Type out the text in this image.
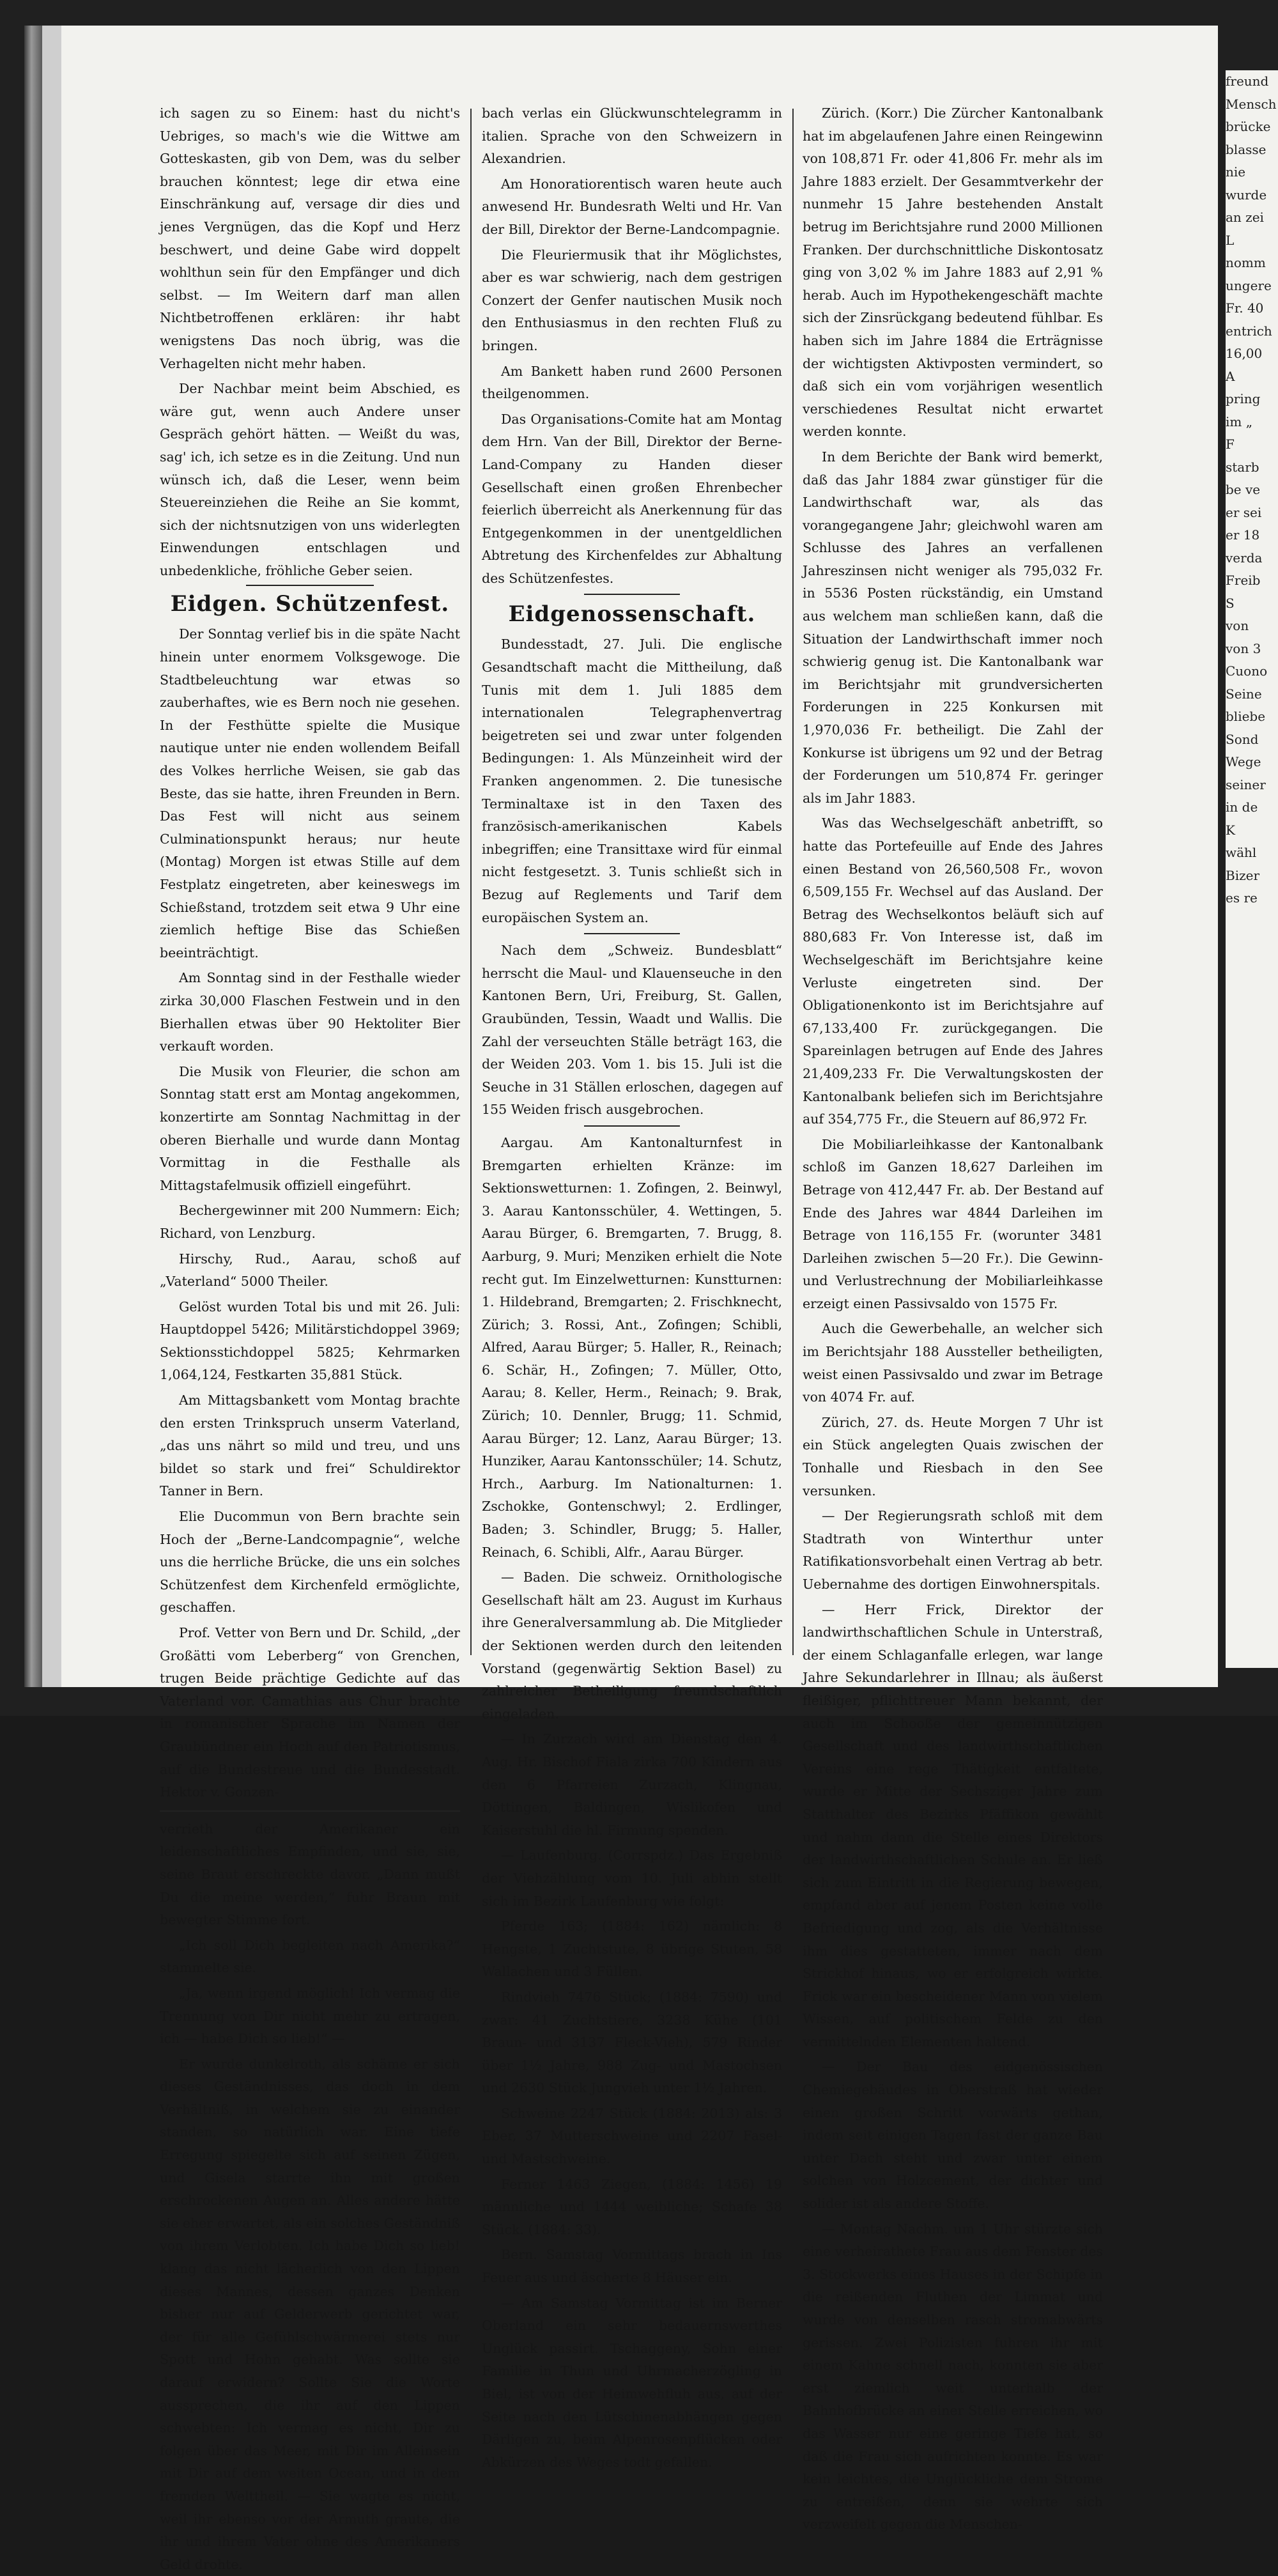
ich sagen zu so Einem: hast du nicht's Uebriges, so mach's wie die Wittwe am Gotteskasten, gib von Dem, was du selber brauchen könntest; lege dir etwa eine Einschränkung auf, versage dir dies und jenes Vergnügen, das die Kopf und Herz beschwert, und deine Gabe wird doppelt wohlthun sein für den Empfänger und dich selbst. — Im Weitern darf man allen Nichtbetroffenen erklären: ihr habt wenigstens Das noch übrig, was die Verhagelten nicht mehr haben.

Der Nachbar meint beim Abschied, es wäre gut, wenn auch Andere unser Gespräch gehört hätten. — Weißt du was, sag' ich, ich setze es in die Zeitung. Und nun wünsch ich, daß die Leser, wenn beim Steuereinziehen die Reihe an Sie kommt, sich der nichtsnutzigen von uns widerlegten Einwendungen entschlagen und unbedenkliche, fröhliche Geber seien.

Eidgen. Schützenfest.

Der Sonntag verlief bis in die späte Nacht hinein unter enormem Volksgewoge. Die Stadtbeleuchtung war etwas so zauberhaftes, wie es Bern noch nie gesehen. In der Festhütte spielte die Musique nautique unter nie enden wollendem Beifall des Volkes herrliche Weisen, sie gab das Beste, das sie hatte, ihren Freunden in Bern. Das Fest will nicht aus seinem Culminationspunkt heraus; nur heute (Montag) Morgen ist etwas Stille auf dem Festplatz eingetreten, aber keineswegs im Schießstand, trotzdem seit etwa 9 Uhr eine ziemlich heftige Bise das Schießen beeinträchtigt.

Am Sonntag sind in der Festhalle wieder zirka 30,000 Flaschen Festwein und in den Bierhallen etwas über 90 Hektoliter Bier verkauft worden.

Die Musik von Fleurier, die schon am Sonntag statt erst am Montag angekommen, konzertirte am Sonntag Nachmittag in der oberen Bierhalle und wurde dann Montag Vormittag in die Festhalle als Mittagstafelmusik offiziell eingeführt.

Bechergewinner mit 200 Nummern: Eich; Richard, von Lenzburg.

Hirschy, Rud., Aarau, schoß auf „Vaterland“ 5000 Theiler.

Gelöst wurden Total bis und mit 26. Juli: Hauptdoppel 5426; Militärstichdoppel 3969; Sektionsstichdoppel 5825; Kehrmarken 1,064,124, Festkarten 35,881 Stück.

Am Mittagsbankett vom Montag brachte den ersten Trinkspruch unserm Vaterland, „das uns nährt so mild und treu, und uns bildet so stark und frei“ Schuldirektor Tanner in Bern.

Elie Ducommun von Bern brachte sein Hoch der „Berne-Landcompagnie“, welche uns die herrliche Brücke, die uns ein solches Schützenfest dem Kirchenfeld ermöglichte, geschaffen.

Prof. Vetter von Bern und Dr. Schild, „der Großätti vom Leberberg“ von Grenchen, trugen Beide prächtige Gedichte auf das Vaterland vor. Camathias aus Chur brachte in romanischer Sprache im Namen der Graubündner ein Hoch auf den Patriotismus, auf die Bundestreue und die Bundesstadt. Hektor v. Gonzen-

verrieth der Amerikaner ein leidenschaftliches Empfinden, und sie, sie, seine Braut erschreckte davor. „Dann mußt Du die meine werden,“ fuhr Braun mit bewegter Stimme fort.

„Ich soll Dich begleiten nach Amerika?“ stammelte sie.

„Ja, wenn irgend möglich! Ich vermag die Trennung von Dir nicht mehr zu ertragen, ich — habe Dich so lieb!“ —

Er wurde dunkelroth, als schäme er sich dieses Geständnisses, das doch in dem Verhältniß, in welchem sie zu einander standen, so natürlich war. Eine tiefe Erregung spiegelte sich auf seinen Zügen, und Gisela starrte ihn mit großen erschrockenen Augen an. Alles andere hätte sie eher erwartet, als ein solches Geständniß von ihrem Verlobten. Ich habe Dich so lieb! klang das nicht lächerlich von den Lippen dieses Mannes, dessen ganzes Denken bisher nur auf Gelderwerb gerichtet war, der für alle Gefühlschwärmerei stets nur Spott und Hohn gehabt. Was sollte sie darauf erwidern? Sollte Sie die Worte aussprechen, die ihr auf den Lippen schwebten: Ich vermag es nicht, Dir zu folgen über das Meer, mit Dir im Alleinsein mit Dir auf dem weiten Ocean, und in dem fremden Welttheil. — Sie wagte es nicht, weil ihr ebenso vor der Armuth graute, die ihr und ihrem Vater ohne des Amerikaners Geld drohte.

bach verlas ein Glückwunschtelegramm in italien. Sprache von den Schweizern in Alexandrien.

Am Honoratiorentisch waren heute auch anwesend Hr. Bundesrath Welti und Hr. Van der Bill, Direktor der Berne-Landcompagnie.

Die Fleuriermusik that ihr Möglichstes, aber es war schwierig, nach dem gestrigen Conzert der Genfer nautischen Musik noch den Enthusiasmus in den rechten Fluß zu bringen.

Am Bankett haben rund 2600 Personen theilgenommen.

Das Organisations-Comite hat am Montag dem Hrn. Van der Bill, Direktor der Berne-Land-Company zu Handen dieser Gesellschaft einen großen Ehrenbecher feierlich überreicht als Anerkennung für das Entgegenkommen in der unentgeldlichen Abtretung des Kirchenfeldes zur Abhaltung des Schützenfestes.

Eidgenossenschaft.

Bundesstadt, 27. Juli. Die englische Gesandtschaft macht die Mittheilung, daß Tunis mit dem 1. Juli 1885 dem internationalen Telegraphenvertrag beigetreten sei und zwar unter folgenden Bedingungen: 1. Als Münzeinheit wird der Franken angenommen. 2. Die tunesische Terminaltaxe ist in den Taxen des französisch-amerikanischen Kabels inbegriffen; eine Transittaxe wird für einmal nicht festgesetzt. 3. Tunis schließt sich in Bezug auf Reglements und Tarif dem europäischen System an.

Nach dem „Schweiz. Bundesblatt“ herrscht die Maul- und Klauenseuche in den Kantonen Bern, Uri, Freiburg, St. Gallen, Graubünden, Tessin, Waadt und Wallis. Die Zahl der verseuchten Ställe beträgt 163, die der Weiden 203. Vom 1. bis 15. Juli ist die Seuche in 31 Ställen erloschen, dagegen auf 155 Weiden frisch ausgebrochen.

Aargau. Am Kantonalturnfest in Bremgarten erhielten Kränze: im Sektionswetturnen: 1. Zofingen, 2. Beinwyl, 3. Aarau Kantonsschüler, 4. Wettingen, 5. Aarau Bürger, 6. Bremgarten, 7. Brugg, 8. Aarburg, 9. Muri; Menziken erhielt die Note recht gut. Im Einzelwetturnen: Kunstturnen: 1. Hildebrand, Bremgarten; 2. Frischknecht, Zürich; 3. Rossi, Ant., Zofingen; Schibli, Alfred, Aarau Bürger; 5. Haller, R., Reinach; 6. Schär, H., Zofingen; 7. Müller, Otto, Aarau; 8. Keller, Herm., Reinach; 9. Brak, Zürich; 10. Dennler, Brugg; 11. Schmid, Aarau Bürger; 12. Lanz, Aarau Bürger; 13. Hunziker, Aarau Kantonsschüler; 14. Schutz, Hrch., Aarburg. Im Nationalturnen: 1. Zschokke, Gontenschwyl; 2. Erdlinger, Baden; 3. Schindler, Brugg; 5. Haller, Reinach, 6. Schibli, Alfr., Aarau Bürger.

— Baden. Die schweiz. Ornithologische Gesellschaft hält am 23. August im Kurhaus ihre Generalversammlung ab. Die Mitglieder der Sektionen werden durch den leitenden Vorstand (gegenwärtig Sektion Basel) zu zahlreicher Betheiligung freundschaftlich eingeladen.

— In Zurzach wird am Dienstag den 4. Aug. Hr. Bischof Fiala zirka 700 Kindern aus den 6 Pfarreien Zurzach, Klingnau, Döttingen, Baldingen, Wislikofen und Kaiserstuhl die hl. Firmung spenden.

— Laufenburg. (Corrspdz.) Das Ergebniß der Viehzählung vom 10. Juli abhin stellt sich im Bezirk Laufenburg wie folgt:

Pferde 163; (1884: 162) nämlich: 8 Hengste, 1 Zuchtstute, 8 übrige Stuten, 58 Wallachen und 3 Füllen.

Rindvieh 7476 Stück; (1884: 7590) und zwar: 41 Zuchtstiere, 3238 Kühe (101 Braun- und 3137 Fleck-Vieh), 579 Rinder über 1½ Jahre, 988 Zug- und Mastochsen und 2630 Stück Jungvieh unter 1½ Jahren.

Schweine 2247 Stück (1884: 2013) als: 3 Eber, 37 Mutterschweine und 2207 Fasel- und Mastschweine.

Ferner 1463 Ziegen, (1884: 1456) 19 männliche und 1444 weibliche; Schafe 38 Stück. (1884: 33).

Bern. Samstag Vormittags brach in Ins Feuer aus und äscherte 8 Häuser ein.

— Am Samstag Vormittag ist im Berner Oberland ein sehr bedauernswerthes Unglück passirt. Tschaggeny, Sohn einer Familie in Thun und Uhrmacherzögling in Biel, ist von der Heimwehfluh aus, auf der Seite nach den Lütschinenabhängen gegen Därligen zu, beim Alpenrosenpflücken oder Abkürzen des Weges todt gefallen.

Zürich. (Korr.) Die Zürcher Kantonalbank hat im abgelaufenen Jahre einen Reingewinn von 108,871 Fr. oder 41,806 Fr. mehr als im Jahre 1883 erzielt. Der Gesammtverkehr der nunmehr 15 Jahre bestehenden Anstalt betrug im Berichtsjahre rund 2000 Millionen Franken. Der durchschnittliche Diskontosatz ging von 3,02 % im Jahre 1883 auf 2,91 % herab. Auch im Hypothekengeschäft machte sich der Zinsrückgang bedeutend fühlbar. Es haben sich im Jahre 1884 die Erträgnisse der wichtigsten Aktivposten vermindert, so daß sich ein vom vorjährigen wesentlich verschiedenes Resultat nicht erwartet werden konnte.

In dem Berichte der Bank wird bemerkt, daß das Jahr 1884 zwar günstiger für die Landwirthschaft war, als das vorangegangene Jahr; gleichwohl waren am Schlusse des Jahres an verfallenen Jahreszinsen nicht weniger als 795,032 Fr. in 5536 Posten rückständig, ein Umstand aus welchem man schließen kann, daß die Situation der Landwirthschaft immer noch schwierig genug ist. Die Kantonalbank war im Berichtsjahr mit grundversicherten Forderungen in 225 Konkursen mit 1,970,036 Fr. betheiligt. Die Zahl der Konkurse ist übrigens um 92 und der Betrag der Forderungen um 510,874 Fr. geringer als im Jahr 1883.

Was das Wechselgeschäft anbetrifft, so hatte das Portefeuille auf Ende des Jahres einen Bestand von 26,560,508 Fr., wovon 6,509,155 Fr. Wechsel auf das Ausland. Der Betrag des Wechselkontos beläuft sich auf 880,683 Fr. Von Interesse ist, daß im Wechselgeschäft im Berichtsjahre keine Verluste eingetreten sind. Der Obligationenkonto ist im Berichtsjahre auf 67,133,400 Fr. zurückgegangen. Die Spareinlagen betrugen auf Ende des Jahres 21,409,233 Fr. Die Verwaltungskosten der Kantonalbank beliefen sich im Berichtsjahre auf 354,775 Fr., die Steuern auf 86,972 Fr.

Die Mobiliarleihkasse der Kantonalbank schloß im Ganzen 18,627 Darleihen im Betrage von 412,447 Fr. ab. Der Bestand auf Ende des Jahres war 4844 Darleihen im Betrage von 116,155 Fr. (worunter 3481 Darleihen zwischen 5—20 Fr.). Die Gewinn- und Verlustrechnung der Mobiliarleihkasse erzeigt einen Passivsaldo von 1575 Fr.

Auch die Gewerbehalle, an welcher sich im Berichtsjahr 188 Aussteller betheiligten, weist einen Passivsaldo und zwar im Betrage von 4074 Fr. auf.

Zürich, 27. ds. Heute Morgen 7 Uhr ist ein Stück angelegten Quais zwischen der Tonhalle und Riesbach in den See versunken.

— Der Regierungsrath schloß mit dem Stadtrath von Winterthur unter Ratifikationsvorbehalt einen Vertrag ab betr. Uebernahme des dortigen Einwohnerspitals.

— Herr Frick, Direktor der landwirthschaftlichen Schule in Unterstraß, der einem Schlaganfalle erlegen, war lange Jahre Sekundarlehrer in Illnau; als äußerst fleißiger, pflichttreuer Mann bekannt, der auch im Schooße der gemeinnützigen Gesellschaft und des landwirthschaftlichen Vereins eine rege Thätigkeit entfaltete, wurde er Mitte der Sechsziger Jahre zum Statthalter des Bezirks Pfäffikon gewählt und nahm dann die Stelle eines Direktors der landwirthschaftlichen Schule an. Er ließ sich zum Eintritt in die Regierung bewegen, empfand aber auf jenem Posten keine volle Befriedigung und zog, als die Verhältnisse ihm dies gestatteten, immer nach dem Strickhof hinaus, wo er erfolgreich wirkte. Frick war ein bescheidener Mann von vielem Wissen, auf politischem Felde zu den vermittelnden Elementen haltend.

— Der Bau des eidgenössischen Chemiegebäudes in Oberstraß hat wieder einen großen Schritt vorwärts gethan, indem seit einigen Tagen fast der ganze Bau unter Dach steht und zwar unter einem solchen von Holzcement, der dichter und solider ist als andere Stoffe.

— Montag Nachm. um 1 Uhr stürzte sich eine verheirathete Frau aus dem Fenster des 3. Stockwerks eines Hauses in der Schipfe in die reißenden Fluthen der Limmat und wurde von denselben rasch stromabwärts gerissen. Zwei Polizisten fuhren ihr mit einem Kahne schnell nach, konnten sie aber erst ziemlich weit unterhalb der Bahnhofbrücke an einer Stelle erreichen, wo das Wasser nur eine geringe Tiefe hat, so daß die Frau sich aufrichten konnte. Es war kein leichtes, die Unglückliche dem Strome zu entreißen, denn sie wehrte sich verzweifelt gegen die Menschen-

freund
Mensch
brücke
blasse
nie
wurde
an zei
L
nomm
ungere
Fr. 40
entrich
16,00
A
pring
im „
F
starb
be ve
er sei
er 18
verda
Freib
S
von
von 3
Cuono
Seine
bliebe
Sond
Wege
seiner
in de
K
wähl
Bizer
es re
